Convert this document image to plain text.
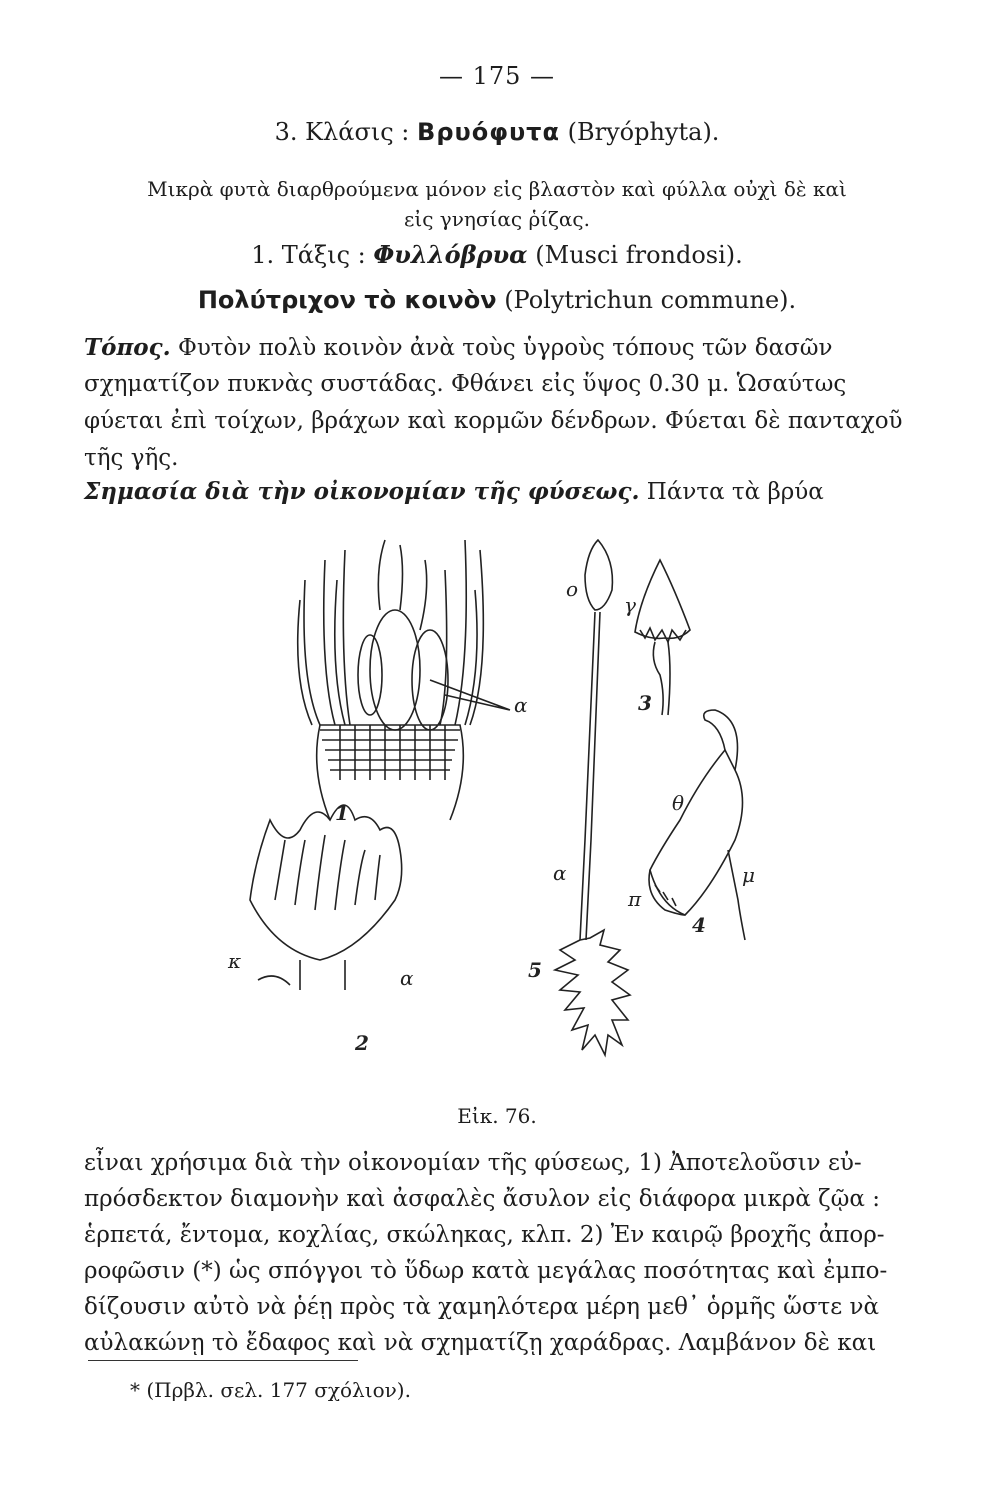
— 175 —
3. Κλάσις : Βρυόφυτα (Bryóphyta).
Μικρὰ φυτὰ διαρθρούμενα μόνον εἰς βλαστὸν καὶ φύλλα οὐχὶ δὲ καὶ
εἰς γνησίας ῥίζας.
1. Τάξις : Φυλλόβρυα (Musci frondosi).
Πολύτριχον τὸ κοινὸν (Polytrichun commune).
Τόπος. Φυτὸν πολὺ κοινὸν ἀνὰ τοὺς ὑγροὺς τόπους τῶν δασῶν
σχηματίζον πυκνὰς συστάδας. Φθάνει εἰς ὕψος 0.30 μ. Ὡσαύτως
φύεται ἐπὶ τοίχων, βράχων καὶ κορμῶν δένδρων. Φύεται δὲ πανταχοῦ
τῆς γῆς.
Σημασία διὰ τὴν οἰκονομίαν τῆς φύσεως. Πάντα τὰ βρύα
α
1
2
κ
α
ο
γ
3
θ
π
μ
4
α
5
Εἰκ. 76.
εἶναι χρήσιμα διὰ τὴν οἰκονομίαν τῆς φύσεως, 1) Ἀποτελοῦσιν εὐ-
πρόσδεκτον διαμονὴν καὶ ἀσφαλὲς ἄσυλον εἰς διάφορα μικρὰ ζῷα :
ἑρπετά, ἔντομα, κοχλίας, σκώληκας, κλπ. 2) Ἐν καιρῷ βροχῆς ἀπορ-
ροφῶσιν (*) ὡς σπόγγοι τὸ ὕδωρ κατὰ μεγάλας ποσότητας καὶ ἐμπο-
δίζουσιν αὐτὸ νὰ ῥέῃ πρὸς τὰ χαμηλότερα μέρη μεθ᾽ ὁρμῆς ὥστε νὰ
αὐλακώνῃ τὸ ἔδαφος καὶ νὰ σχηματίζῃ χαράδρας. Λαμβάνον δὲ και
* (Πρβλ. σελ. 177 σχόλιον).
